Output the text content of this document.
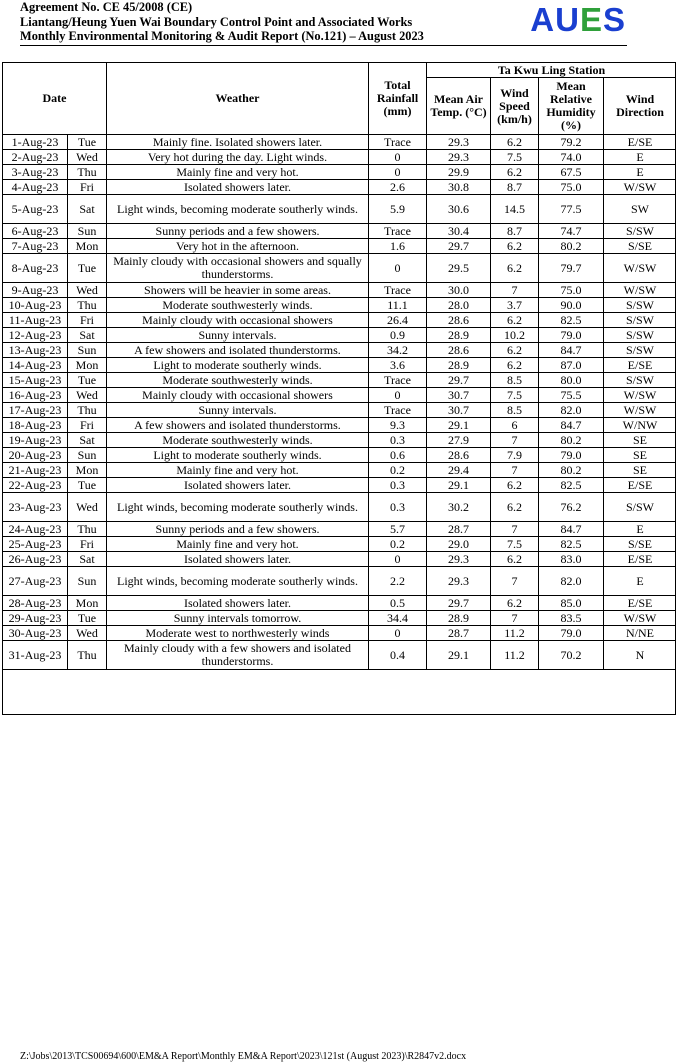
Agreement No. CE 45/2008 (CE)
Liantang/Heung Yuen Wai Boundary Control Point and Associated Works
Monthly Environmental Monitoring & Audit Report (No.121) – August 2023	AUES
Date		Weather	Total Rainfall (mm)	Ta Kwu Ling Station			
				Mean Air Temp. (°C)	Wind Speed (km/h)	Mean Relative Humidity (%)	Wind Direction
1-Aug-23	Tue	Mainly fine. Isolated showers later.	Trace	29.3	6.2	79.2	E/SE
2-Aug-23	Wed	Very hot during the day. Light winds.	0	29.3	7.5	74.0	E
3-Aug-23	Thu	Mainly fine and very hot.	0	29.9	6.2	67.5	E
4-Aug-23	Fri	Isolated showers later.	2.6	30.8	8.7	75.0	W/SW
5-Aug-23	Sat	Light winds, becoming moderate southerly winds.	5.9	30.6	14.5	77.5	SW
6-Aug-23	Sun	Sunny periods and a few showers.	Trace	30.4	8.7	74.7	S/SW
7-Aug-23	Mon	Very hot in the afternoon.	1.6	29.7	6.2	80.2	S/SE
8-Aug-23	Tue	Mainly cloudy with occasional showers and squally thunderstorms.	0	29.5	6.2	79.7	W/SW
9-Aug-23	Wed	Showers will be heavier in some areas.	Trace	30.0	7	75.0	W/SW
10-Aug-23	Thu	Moderate southwesterly winds.	11.1	28.0	3.7	90.0	S/SW
11-Aug-23	Fri	Mainly cloudy with occasional showers	26.4	28.6	6.2	82.5	S/SW
12-Aug-23	Sat	Sunny intervals.	0.9	28.9	10.2	79.0	S/SW
13-Aug-23	Sun	A few showers and isolated thunderstorms.	34.2	28.6	6.2	84.7	S/SW
14-Aug-23	Mon	Light to moderate southerly winds.	3.6	28.9	6.2	87.0	E/SE
15-Aug-23	Tue	Moderate southwesterly winds.	Trace	29.7	8.5	80.0	S/SW
16-Aug-23	Wed	Mainly cloudy with occasional showers	0	30.7	7.5	75.5	W/SW
17-Aug-23	Thu	Sunny intervals.	Trace	30.7	8.5	82.0	W/SW
18-Aug-23	Fri	A few showers and isolated thunderstorms.	9.3	29.1	6	84.7	W/NW
19-Aug-23	Sat	Moderate southwesterly winds.	0.3	27.9	7	80.2	SE
20-Aug-23	Sun	Light to moderate southerly winds.	0.6	28.6	7.9	79.0	SE
21-Aug-23	Mon	Mainly fine and very hot.	0.2	29.4	7	80.2	SE
22-Aug-23	Tue	Isolated showers later.	0.3	29.1	6.2	82.5	E/SE
23-Aug-23	Wed	Light winds, becoming moderate southerly winds.	0.3	30.2	6.2	76.2	S/SW
24-Aug-23	Thu	Sunny periods and a few showers.	5.7	28.7	7	84.7	E
25-Aug-23	Fri	Mainly fine and very hot.	0.2	29.0	7.5	82.5	S/SE
26-Aug-23	Sat	Isolated showers later.	0	29.3	6.2	83.0	E/SE
27-Aug-23	Sun	Light winds, becoming moderate southerly winds.	2.2	29.3	7	82.0	E
28-Aug-23	Mon	Isolated showers later.	0.5	29.7	6.2	85.0	E/SE
29-Aug-23	Tue	Sunny intervals tomorrow.	34.4	28.9	7	83.5	W/SW
30-Aug-23	Wed	Moderate west to northwesterly winds	0	28.7	11.2	79.0	N/NE
31-Aug-23	Thu	Mainly cloudy with a few showers and isolated thunderstorms.	0.4	29.1	11.2	70.2	N
Z:\Jobs\2013\TCS00694\600\EM&A Report\Monthly EM&A Report\2023\121st (August 2023)\R2847v2.docx
